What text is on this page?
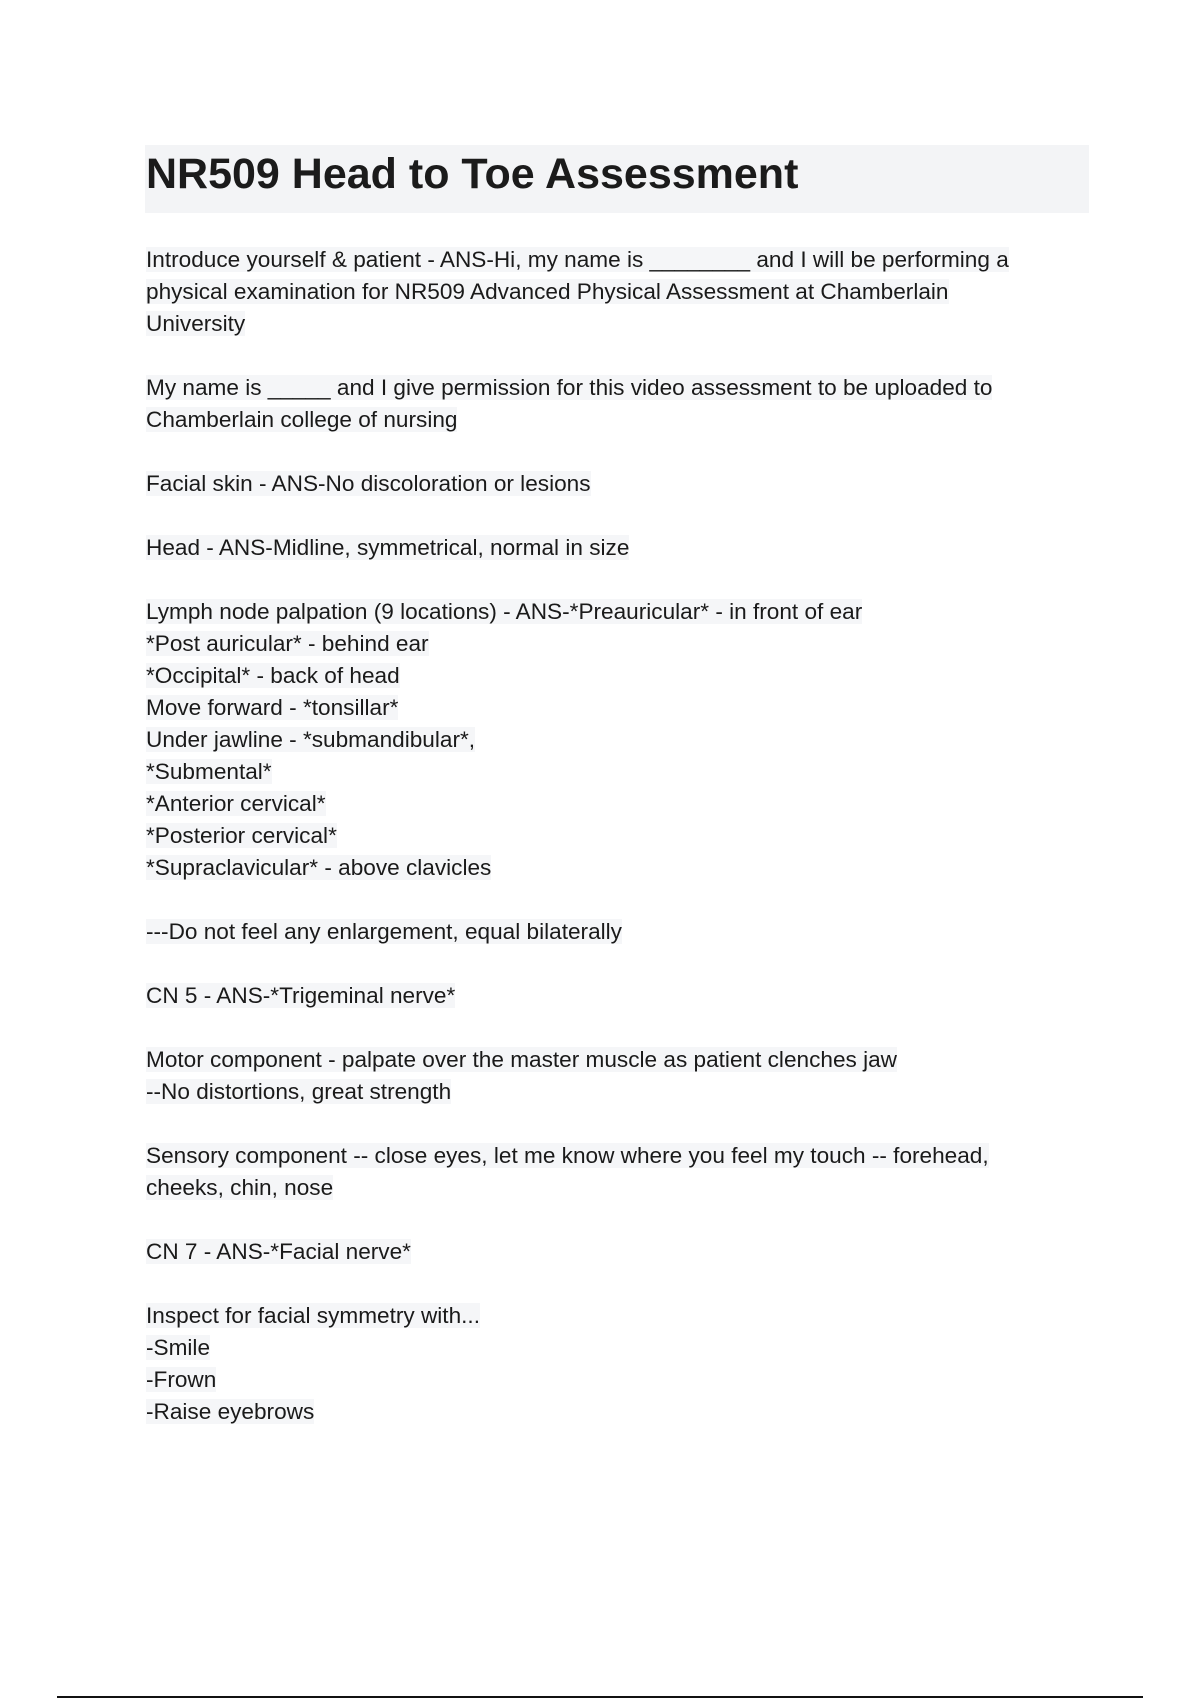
NR509 Head to Toe Assessment
Introduce yourself & patient - ANS-Hi, my name is ________ and I will be performing a
physical examination for NR509 Advanced Physical Assessment at Chamberlain
University
My name is _____ and I give permission for this video assessment to be uploaded to
Chamberlain college of nursing
Facial skin - ANS-No discoloration or lesions
Head - ANS-Midline, symmetrical, normal in size
Lymph node palpation (9 locations) - ANS-*Preauricular* - in front of ear
*Post auricular* - behind ear
*Occipital* - back of head
Move forward - *tonsillar*
Under jawline - *submandibular*,
*Submental*
*Anterior cervical*
*Posterior cervical*
*Supraclavicular* - above clavicles
---Do not feel any enlargement, equal bilaterally
CN 5 - ANS-*Trigeminal nerve*
Motor component - palpate over the master muscle as patient clenches jaw
--No distortions, great strength
Sensory component -- close eyes, let me know where you feel my touch -- forehead,
cheeks, chin, nose
CN 7 - ANS-*Facial nerve*
Inspect for facial symmetry with...
-Smile
-Frown
-Raise eyebrows
